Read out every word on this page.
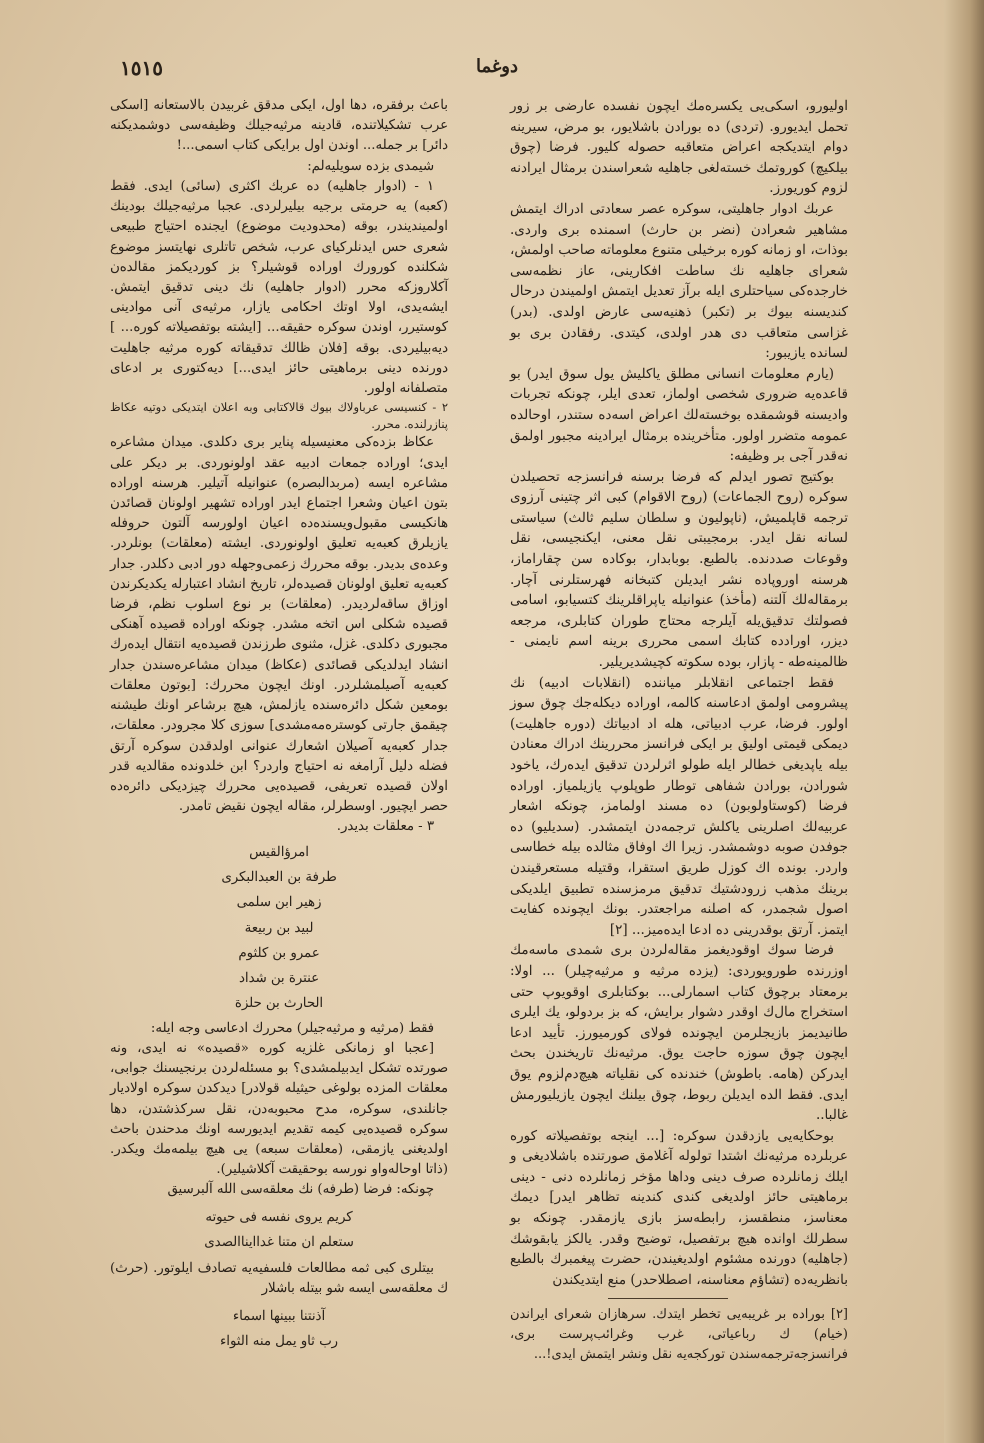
١٥١٥	دوغما

اولیورو، اسکی‌یی یکسره‌مك ایچون نفسده عارضی بر زور تحمل ایدیورو. (تردی) ده بورادن باشلایور، بو مرض، سیرینه دوام ایتدیکجه اعراض متعاقبه حصوله کلیور. فرضا (چوق بیلکیچ) کوروتمك خسته‌لغی جاهلیه شعراسندن برمثال ایرادنه لزوم کوریورز.

عربك ادوار جاهلیتی، سوکره عصر سعادتی ادراك ایتمش مشاهیر شعرادن (نضر بن حارث) اسمنده بری واردی. بوذات، او زمانه کوره برخیلی متنوع معلوماته صاحب اولمش، شعرای جاهلیه‌ نك ساطت افکارینی، عاز نظمه‌سی خارجده‌کی سیاحتلری ایله برآز تعدیل ایتمش اولمیندن درحال کندیسنه بیوك بر (تکبر) ذهنیه‌سی عارض اولدی. (بدر) غزاسی متعاقب دی هدر اولدی، کیتدی. رفقادن بری بو لسانده یازیبور:

(یارم معلومات انسانی مطلق یاکلیش یول سوق ایدر) بو قاعده‌یه ضروری شخصی اولماز، تعدی ایلر، چونکه تجربات وادیسنه قوشمقده بوخسته‌لك اعراض اسه‌ده ستندر، اوحالده عمومه متضرر اولور. متأخرینده برمثال ایرادینه مجبور اولمق نه‌قدر آجی بر وظیفه:

بوکتیج تصور ایدلم که فرضا برسنه فرانسزجه تحصیلدن سوکره (روح الجماعات) (روح الاقوام) کبی اثر چتینی آرزوی ترجمه قاپلمیش، (ناپولیون و سلطان سلیم ثالث) سیاستی لسانه نقل ایدر. برمجیبتی نقل معنی، ایکنجیسی، نقل وقوعات صددنده. بالطبع. بوبابدار، بوکاده سن چقاراماز، هرسنه اوروپاده نشر ایدیلن کتبخانه فهرستلرنی آچار. برمقاله‌لك آلتنه (مأخذ) عنوانیله یاپراقلرینك کتسیابو، اسامی فصولتك تدقیق‌یله آیلرجه محتاج طوران کتابلری، مرجعه دیزر، اورادده کتابك اسمی محرری برینه اسم نایمنی - ظالمینه‌طه - پازار، بوده سکوته کچیشدیریلیر.

فقط اجتماعی انقلابلر میاننده (انقلابات ادبیه) نك پیشرومی اولمق ادعاسنه کالمه، اوراده دیکله‌جك چوق سوز اولور. فرضا، عرب ادبیاتی، هله اد ادبیاتك (دوره جاهلیت) دیمکی قیمتی اولیق بر ایکی فرانسز محررینك ادراك معنادن بیله یاپدیغی خطالر ایله طولو اثرلردن تدقیق ایده‌رك، یاخود شورادن، بورادن شفاهی توطار طوپلوپ یازیلمیاز. اوراده فرضا (کوستاولوبون) ده مسند اولمامز، چونکه اشعار عربیه‌لك اصلرینی یاکلش ترجمه‌دن ایتمشدر. (سدیلیو) ده جوفدن صوبه دوشمشدر. زیرا اك اوفاق مثالده بیله خطاسی واردر. بونده اك کوزل طریق استقرا، وقتیله مستعرقیندن برینك مذهب زرودشتیك تدقیق مرمزسنده تطبیق ایلدیکی اصول شجمدر، که اصلنه مراجعتدر. بونك ایچونده کفایت ایتمز. آرتق بوقدرینی ده ادعا ایده‌میز... [۲]

فرضا سوك اوقودیغمز مقاله‌لردن بری شمدی ماسه‌مك اوزرنده طورویوردی: (یزده مرثیه و مرثیه‌چیلر) ... اولا: برمعتاد برچوق کتاب اسمارلی... بوکتابلری اوقویوپ حتی استخراج مال‌ك اوقدر دشوار برایش، که بز بردولو، یك ایلری طانیدیمز بازیجلرمن ایچونده فولای کورمیورز. تأیید ادعا ایچون چوق سوزه حاجت یوق. مرثیه‌نك تاریخندن بحث ایدرکن (هامه. باطوش) خندنده کی نقلیاته هیچ‌دم‌لزوم یوق ایدی. فقط الده ایدیلن ربوط، چوق بیلنك ایچون یازیلیورمش غالبا..

بوحکایه‌یی یازدقدن سوکره: [... اینجه بوتفصیلاته کوره عربلرده مرثیه‌نك اشتدا تولوله آغلامق صورتنده باشلادیغی و ایلك زمانلرده صرف دینی وداها مؤخر زمانلرده دنی - دینی برماهیتی حائز اولدیغی کندی کندینه تظاهر ایدر] دیمك معناسز، منطقسز، رابطه‌سز بازی یازمقدر. چونکه بو سطرلك اوانده هیچ برتفصیل، توضیح وقدر. یالکز یابقوشك (جاهلیه) دورنده مشئوم اولدیغیندن، حضرت پیغمبرك بالطبع بانظریه‌ده (تشاؤم معناسنه، اصطلاحدر) منع ایتدیکندن

[۲] بوراده بر غریبه‌یی تخطر ایتدك. سرهازان شعرای ایراندن (خیام) ك رباعیاتی، غرب وغرائب‌پرست بری، فرانسزجه‌ترجمه‌سندن تورکجه‌یه نقل ونشر ایتمش ایدی!...

باعث برفقره، دها اول، ایکی مدقق غربیدن بالاستعانه [اسکی عرب تشکیلاتنده، قادینه مرثیه‌جیلك وظیفه‌سی دوشمدیکنه دائر] بر جمله... اوندن اول برایکی کتاب اسمی...!

شیمدی بزده سویلیه‌لم:

١ - (ادوار جاهلیه) ده عربك اکثری (سائی) ایدی. فقط (کعبه) یه حرمتی برجیه بیلیرلردی. عجبا مرثیه‌جیلك بودینك اولمیندیندر، بوقه (محدودیت موضوع) ایجنده احتیاج طبیعی شعری حس ایدنلرکیای عرب، شخص تاتلری نهایتسز موضوع شکلنده کورورك اوراده قوشیلر؟ بز کوردیکمز مقالده‌ن آکلاروزکه محرر (ادوار جاهلیه) نك دینی تدقیق ایتمش. ایشه‌یدی، اولا اوتك احکامی یازار، مرثیه‌ی آنی موادینی کوستیرر، اوندن سوکره حقیقه... [ایشته بوتفصیلاته کوره... ] دیه‌بیلیردی. بوقه [فلان ظالك تدقیقاته کوره مرثیه جاهلیت دورنده دینی برماهیتی حائز ایدی...] دیه‌کتوری بر ادعای متصلفانه اولور.

٢ - کنسیسی عرباولاك بیوك قالاکتابی وبه اعلان ایتدیکی دوتیه عکاظ پنازرلنده. محرر.

عکاظ بزده‌کی معنیسیله پنایر بری دکلدی. میدان مشاعره ایدی؛ اوراده جمعات ادبیه عقد اولونوردی. بر دیکر علی مشاعره ایسه (مربدالبصره) عنوانیله آتیلیر. هرسنه اوراده بتون اعیان وشعرا اجتماع ایدر اوراده تشهیر اولونان قصائدن هانکیسی مقبول‌ویسنده‌ده اعیان اولورسه آلتون حروفله یازیلرق کعبه‌یه تعلیق اولونوردی. ایشته (معلقات) بونلردر. وعده‌ی بدیدر. بوقه محررك زعمی‌وجهله دور ادبی دکلدر. جدار کعبه‌یه تعلیق اولونان قصیده‌لر، تاریخ انشاد اعتبارله یکدیکرندن اوزاق ساقه‌لردیدر. (معلقات) بر نوع اسلوب نظم، فرضا قصیده شکلی اس اتخه مشدر. چونکه اوراده قصیده آهنکی مجبوری دکلدی. غزل، مثنوی طرزندن قصیده‌یه انتقال ایده‌رك انشاد ایدلدیکی قصائدی (عکاظ) میدان مشاعره‌سندن جدار کعبه‌یه آصیلمشلردر. اونك ایچون محررك: [بوتون معلقات بومعین شکل دائره‌سنده یازلمش، هیچ برشاعر اونك طیشنه چیقمق جارتی کوستره‌مه‌مشدی] سوزی کلا مجرودر. معلقات، جدار کعبه‌یه آصیلان اشعارك عنوانی اولدقدن سوکره آرتق فضله دلیل آرامغه نه احتیاج واردر؟ ابن خلدونده مقالدیه قدر اولان قصیده تعریفی، قصیده‌یی محررك چیزدیکی دائره‌ده حصر ایچیور. اوسطرلر، مقاله ایچون نقیض تامدر.

٣ - معلقات بدیدر.

امرؤالقیس
طرفة بن العبدالبکری
زهیر ابن سلمی
لبید بن ربیعة
عمرو بن کلثوم
عنترة بن شداد
الحارث بن حلزة

فقط (مرثیه و مرثیه‌جیلر) محررك ادعاسی وجه ایله:

[عجبا او زمانکی غلزیه کوره «قصیده» نه ایدی، ونه صورتده تشکل ایدبیلمشدی؟ بو مسئله‌لردن برنجیسنك جوابی، معلقات المزده بولوغی حیثیله قولادر] دیدکدن سوکره اولادیار جانلندی، سوکره، مدح محبوبه‌دن، نقل سرکذشتدن، دها سوکره قصیده‌یی کیمه تقدیم ایدیورسه اونك مدحندن باحث اولدیغنی یازمقی، (معلقات سبعه) یی هیچ بیلمه‌مك ویکدر. (ذاتا اوحاله‌واو نورسه بوحقیقت آکلاشیلیر).

چونکه: فرضا (طرفه) نك معلقه‌سی الله آلبرسیق

کریم یروی نفسه فی حیوته
ستعلم ان متنا غداایناالصدی

بیتلری کبی ثمه مطالعات فلسفیه‌یه تصادف ایلوتور. (حرث) ك معلقه‌سی ایسه شو بیتله باشلار

آذنتنا ببینها اسماء
رب ثاو یمل منه الثواء
